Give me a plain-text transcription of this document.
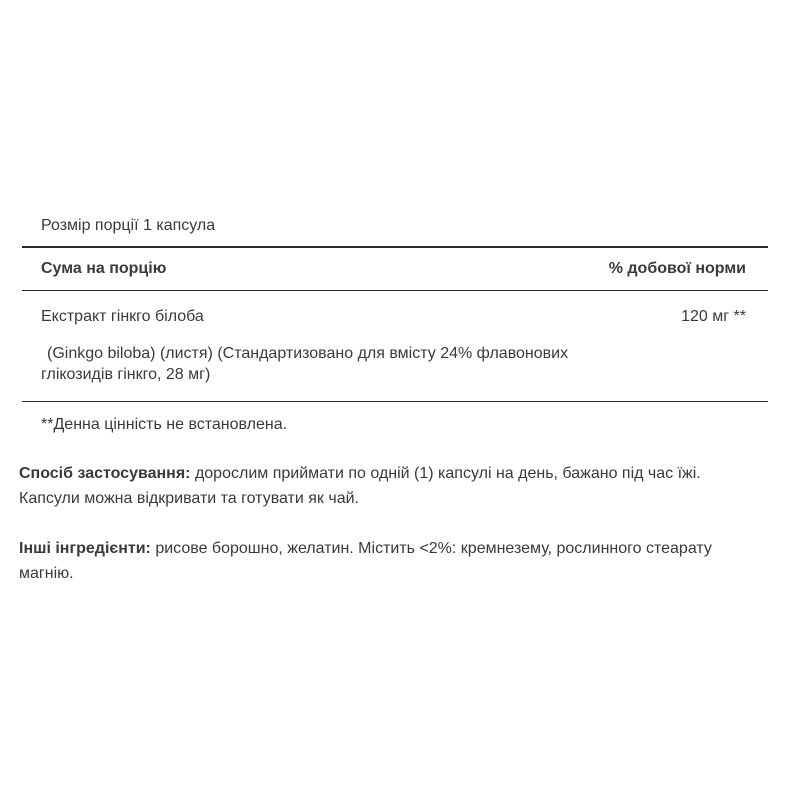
Розмір порції 1 капсула
Сума на порцію	% добової норми
Екстракт гінкго білоба	120 мг **
(Ginkgo biloba) (листя) (Стандартизовано для вмісту 24% флавонових
глікозидів гінкго, 28 мг)
**Денна цінність не встановлена.
Спосіб застосування: дорослим приймати по одній (1) капсулі на день, бажано під час їжі. Капсули можна відкривати та готувати як чай.
Інші інгредієнти: рисове борошно, желатин. Містить <2%: кремнезему, рослинного стеарату магнію.
